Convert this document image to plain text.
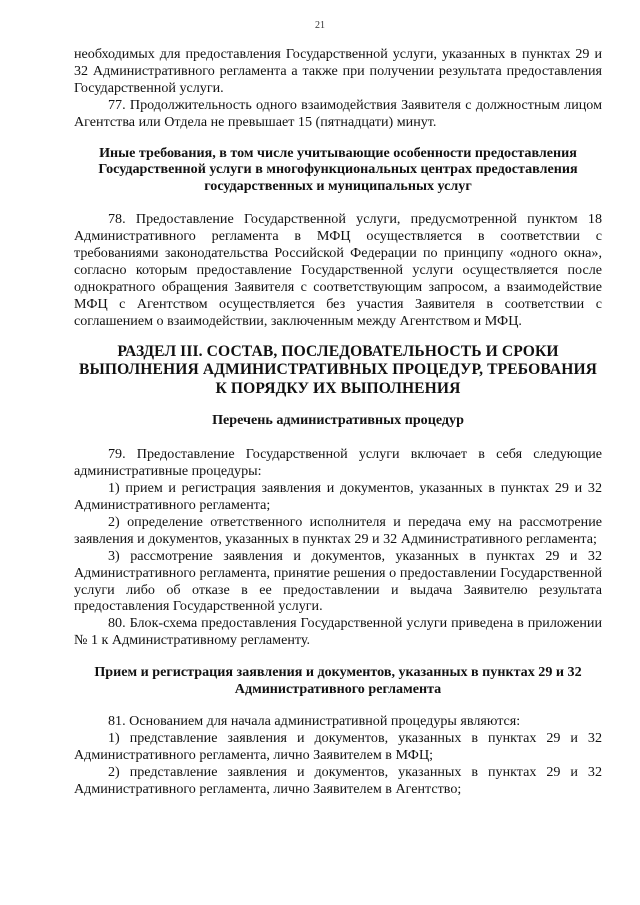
21

необходимых для предоставления Государственной услуги, указанных в пунктах 29 и 32 Административного регламента а также при получении результата предоставления Государственной услуги.

77. Продолжительность одного взаимодействия Заявителя с должностным лицом Агентства или Отдела не превышает 15 (пятнадцати) минут.

Иные требования, в том числе учитывающие особенности предоставления Государственной услуги в многофункциональных центрах предоставления государственных и муниципальных услуг

78. Предоставление Государственной услуги, предусмотренной пунктом 18 Административного регламента в МФЦ осуществляется в соответствии с требованиями законодательства Российской Федерации по принципу «одного окна», согласно которым предоставление Государственной услуги осуществляется после однократного обращения Заявителя с соответствующим запросом, а взаимодействие МФЦ с Агентством осуществляется без участия Заявителя в соответствии с соглашением о взаимодействии, заключенным между Агентством и МФЦ.

РАЗДЕЛ III. СОСТАВ, ПОСЛЕДОВАТЕЛЬНОСТЬ И СРОКИ ВЫПОЛНЕНИЯ АДМИНИСТРАТИВНЫХ ПРОЦЕДУР, ТРЕБОВАНИЯ К ПОРЯДКУ ИХ ВЫПОЛНЕНИЯ

Перечень административных процедур

79. Предоставление Государственной услуги включает в себя следующие административные процедуры:

1) прием и регистрация заявления и документов, указанных в пунктах 29 и 32 Административного регламента;

2) определение ответственного исполнителя и передача ему на рассмотрение заявления и документов, указанных в пунктах 29 и 32 Административного регламента;

3) рассмотрение заявления и документов, указанных в пунктах 29 и 32 Административного регламента, принятие решения о предоставлении Государственной услуги либо об отказе в ее предоставлении и выдача Заявителю результата предоставления Государственной услуги.

80. Блок-схема предоставления Государственной услуги приведена в приложении № 1 к Административному регламенту.

Прием и регистрация заявления и документов, указанных в пунктах 29 и 32 Административного регламента

81. Основанием для начала административной процедуры являются:

1) представление заявления и документов, указанных в пунктах 29 и 32 Административного регламента, лично Заявителем в МФЦ;

2) представление заявления и документов, указанных в пунктах 29 и 32 Административного регламента, лично Заявителем в Агентство;
